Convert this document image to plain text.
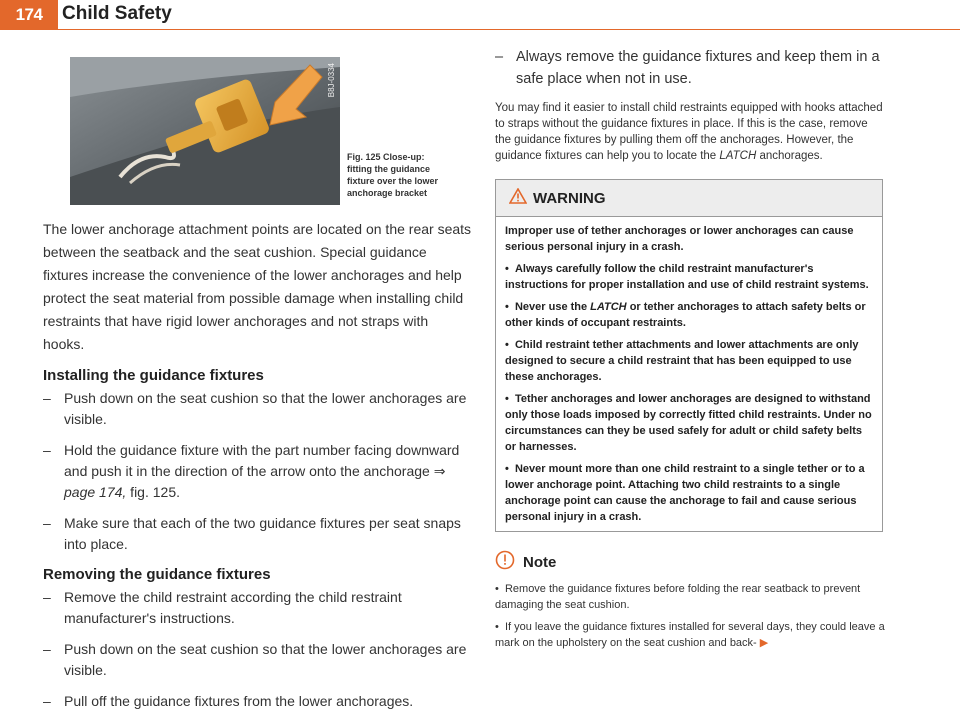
174	Child Safety
B8J-0334
Fig. 125 Close-up:
fitting the guidance
fixture over the lower
anchorage bracket

The lower anchorage attachment points are located on the rear seats between the seatback and the seat cushion. Special guidance fixtures increase the convenience of the lower anchorages and help protect the seat material from possible damage when installing child restraints that have rigid lower anchorages and not straps with hooks.

Installing the guidance fixtures

– Push down on the seat cushion so that the lower anchorages are visible.

– Hold the guidance fixture with the part number facing downward and push it in the direction of the arrow onto the anchorage ⇒ page 174, fig. 125.

– Make sure that each of the two guidance fixtures per seat snaps into place.

Removing the guidance fixtures

– Remove the child restraint according the child restraint manufacturer's instructions.

– Push down on the seat cushion so that the lower anchorages are visible.

– Pull off the guidance fixtures from the lower anchorages.

– Always remove the guidance fixtures and keep them in a safe place when not in use.

You may find it easier to install child restraints equipped with hooks attached to straps without the guidance fixtures in place. If this is the case, remove the guidance fixtures by pulling them off the anchorages. However, the guidance fixtures can help you to locate the LATCH anchorages.

WARNING

Improper use of tether anchorages or lower anchorages can cause serious personal injury in a crash.

•  Always carefully follow the child restraint manufacturer's instructions for proper installation and use of child restraint systems.

•  Never use the LATCH or tether anchorages to attach safety belts or other kinds of occupant restraints.

•  Child restraint tether attachments and lower attachments are only designed to secure a child restraint that has been equipped to use these anchorages.

•  Tether anchorages and lower anchorages are designed to withstand only those loads imposed by correctly fitted child restraints. Under no circumstances can they be used safely for adult or child safety belts or harnesses.

•  Never mount more than one child restraint to a single tether or to a lower anchorage point. Attaching two child restraints to a single anchorage point can cause the anchorage to fail and cause serious personal injury in a crash.

Note

•  Remove the guidance fixtures before folding the rear seatback to prevent damaging the seat cushion.

•  If you leave the guidance fixtures installed for several days, they could leave a mark on the upholstery on the seat cushion and back- ▶
